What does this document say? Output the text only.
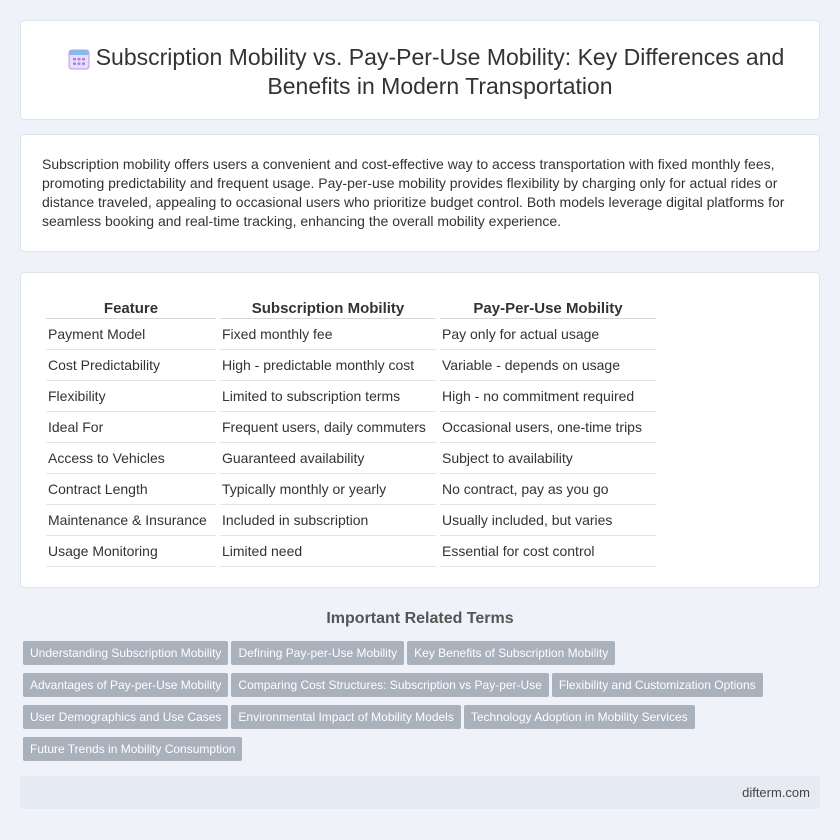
Subscription Mobility vs. Pay-Per-Use Mobility: Key Differences and Benefits in Modern Transportation

Subscription mobility offers users a convenient and cost-effective way to access transportation with fixed monthly fees, promoting predictability and frequent usage. Pay-per-use mobility provides flexibility by charging only for actual rides or distance traveled, appealing to occasional users who prioritize budget control. Both models leverage digital platforms for seamless booking and real-time tracking, enhancing the overall mobility experience.

Feature	Subscription Mobility	Pay-Per-Use Mobility
Payment Model	Fixed monthly fee	Pay only for actual usage
Cost Predictability	High - predictable monthly cost	Variable - depends on usage
Flexibility	Limited to subscription terms	High - no commitment required
Ideal For	Frequent users, daily commuters	Occasional users, one-time trips
Access to Vehicles	Guaranteed availability	Subject to availability
Contract Length	Typically monthly or yearly	No contract, pay as you go
Maintenance & Insurance	Included in subscription	Usually included, but varies
Usage Monitoring	Limited need	Essential for cost control
Important Related Terms
Understanding Subscription Mobility Defining Pay-per-Use Mobility Key Benefits of Subscription Mobility
Advantages of Pay-per-Use Mobility Comparing Cost Structures: Subscription vs Pay-per-Use Flexibility and Customization Options
User Demographics and Use Cases Environmental Impact of Mobility Models Technology Adoption in Mobility Services
Future Trends in Mobility Consumption
difterm.com
